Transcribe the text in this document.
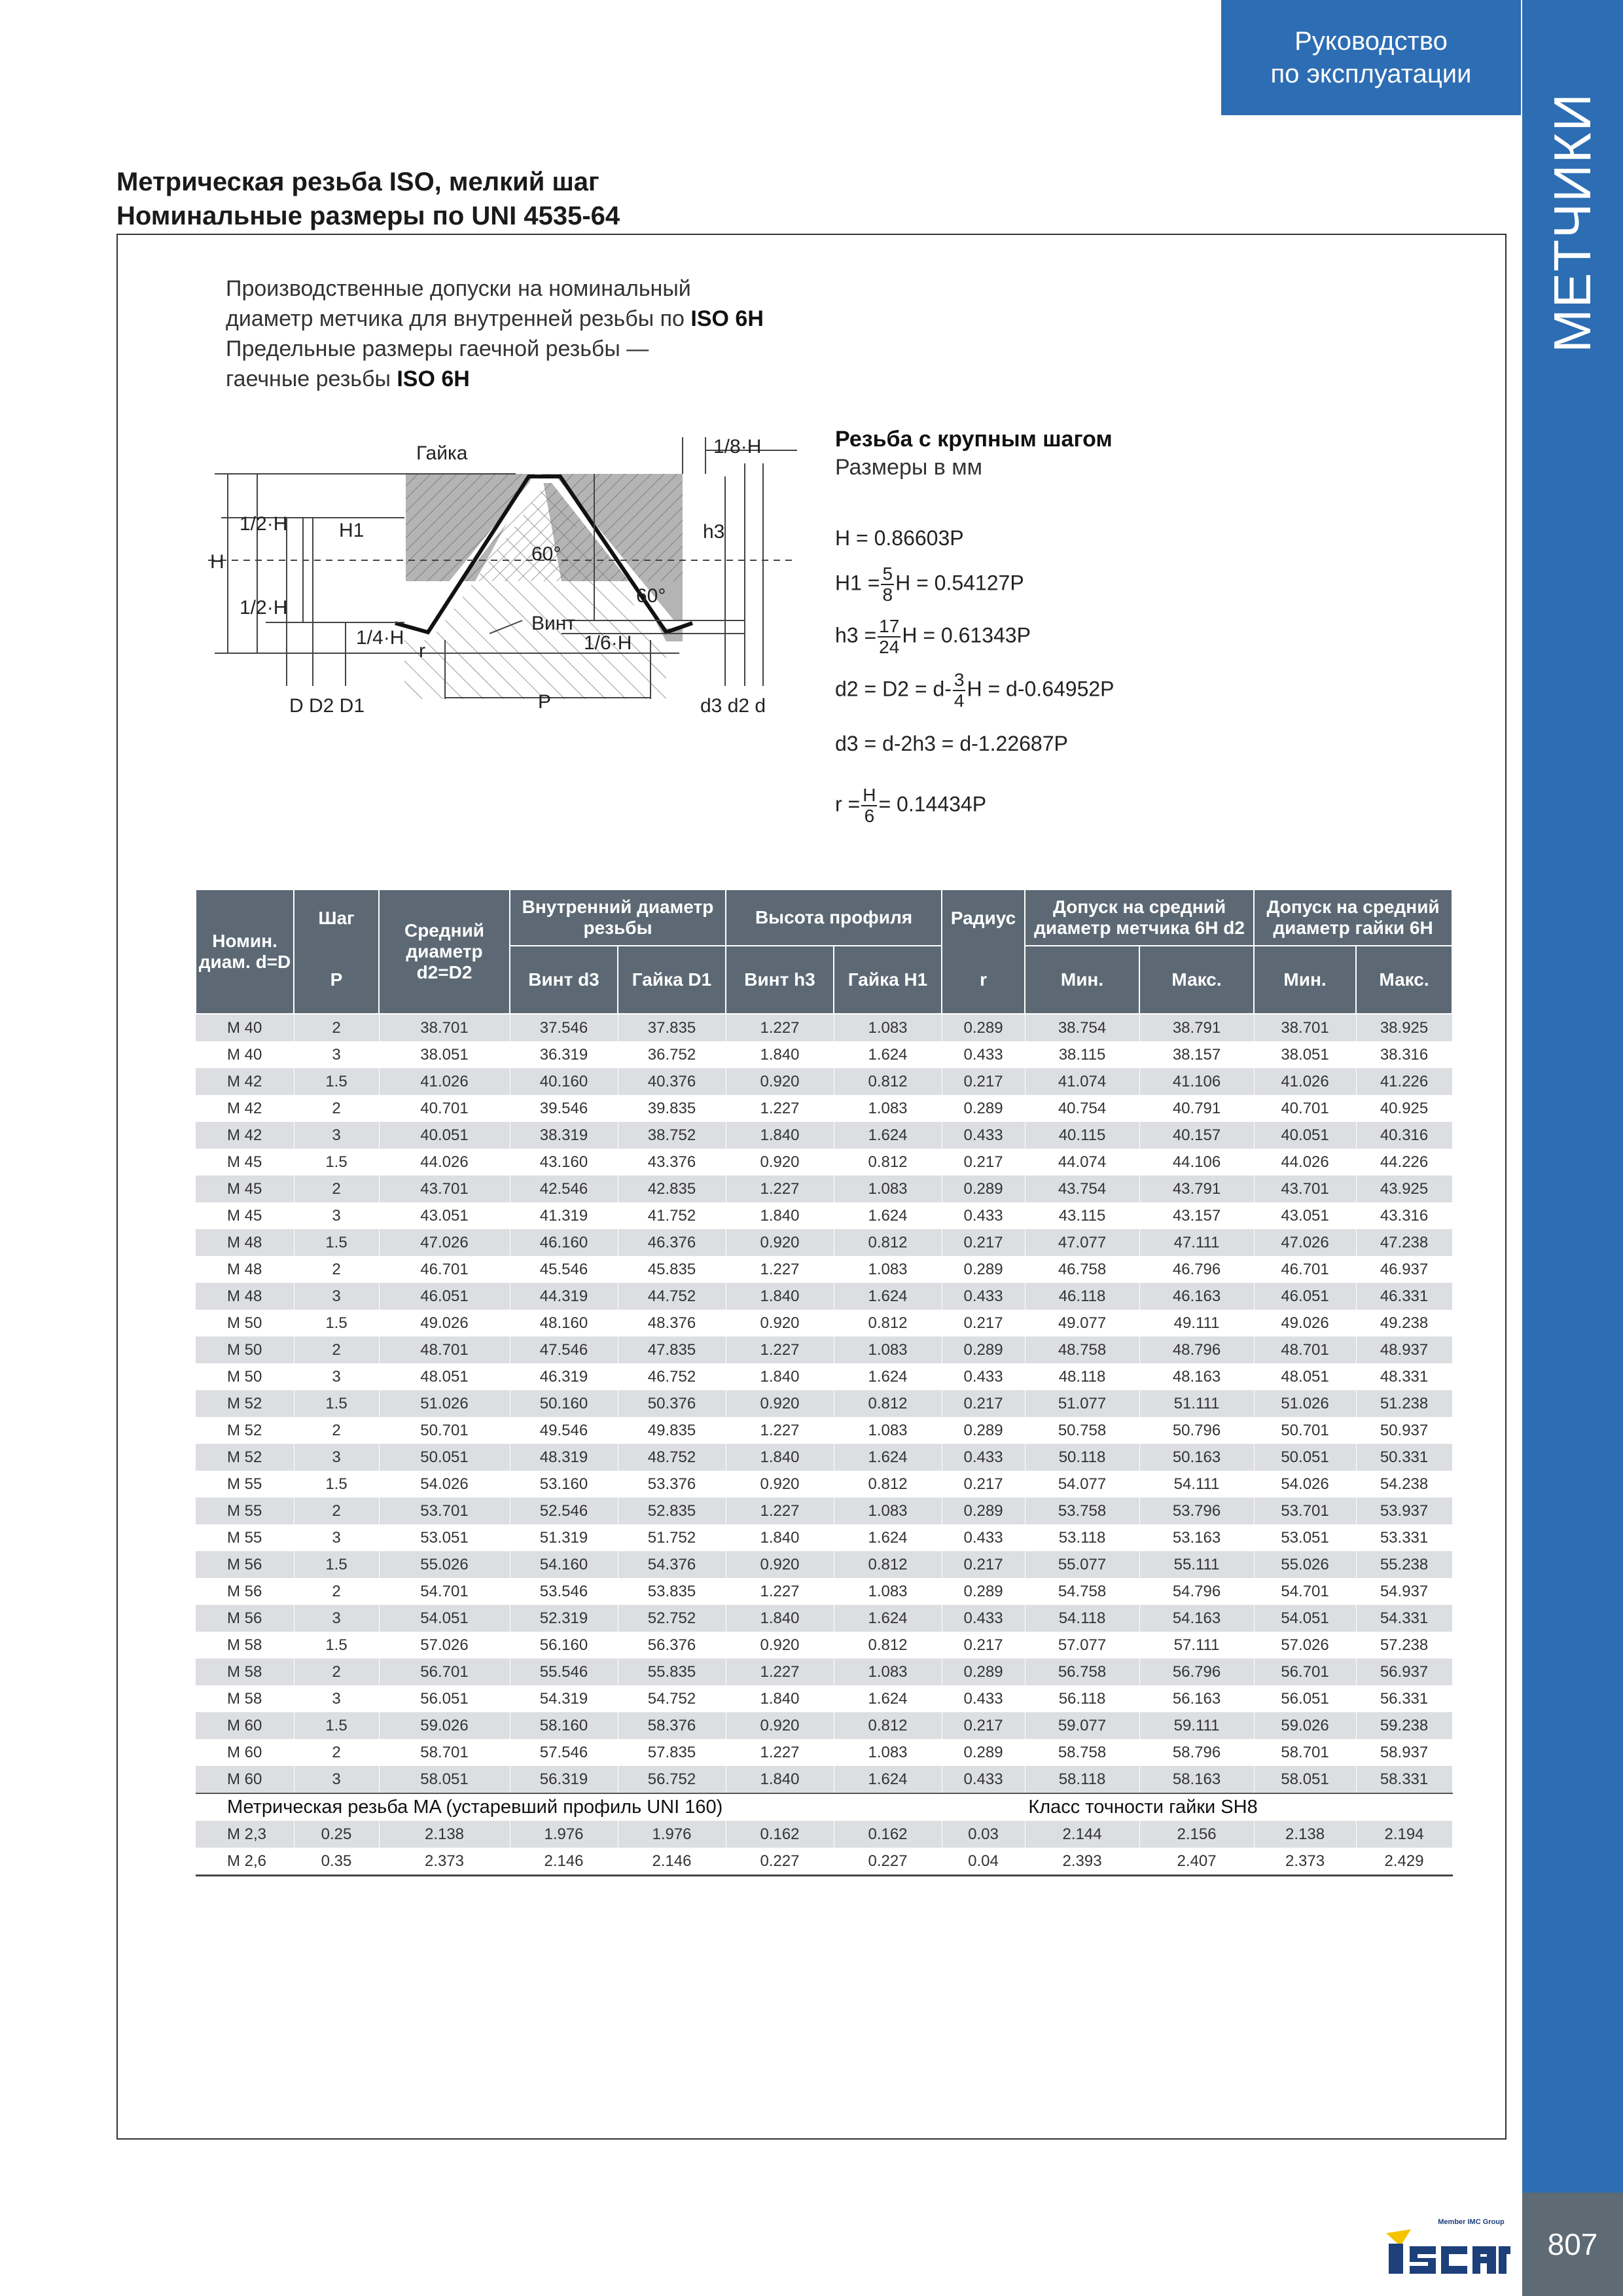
МЕТЧИКИ
807
Руководство
по эксплуатации
Метрическая резьба ISO, мелкий шаг
Номинальные размеры по UNI 4535-64
Производственные допуски на номинальный
диаметр метчика для внутренней резьбы по ISO 6H
Предельные размеры гаечной резьбы —
гаечные резьбы ISO 6H
Гайка	1/8·H
1/2·H
1/2·H
H
H1	h3
60°
60°
Винт
1/4·H	1/6·H
r
P
D D2 D1	d3 d2 d
Резьба с крупным шагом
Размеры в мм
H = 0.86603P
$H1 = \frac{5}{8}$ H = 0.54127P
$h3 = \frac{17}{24}$ H = 0.61343P
$d2 = D2 = d- \frac{3}{4}$ H = d-0.64952P
d3 = d-2h3 = d-1.22687P
$r = \frac{H}{6} = 0.14434P$
Номин. диам. d=D	Шаг	Средний диаметр d2=D2	Внутренний диаметр резьбы		Высота профиля		Радиус	Допуск на средний диаметр метчика 6H d2		Допуск на средний диаметр гайки 6H	
	P		Винт d3	Гайка D1	Винт h3	Гайка H1	r	Мин.	Макс.	Мин.	Макс.
M 40	2	38.701	37.546	37.835	1.227	1.083	0.289	38.754	38.791	38.701	38.925
M 40	3	38.051	36.319	36.752	1.840	1.624	0.433	38.115	38.157	38.051	38.316
M 42	1.5	41.026	40.160	40.376	0.920	0.812	0.217	41.074	41.106	41.026	41.226
M 42	2	40.701	39.546	39.835	1.227	1.083	0.289	40.754	40.791	40.701	40.925
M 42	3	40.051	38.319	38.752	1.840	1.624	0.433	40.115	40.157	40.051	40.316
M 45	1.5	44.026	43.160	43.376	0.920	0.812	0.217	44.074	44.106	44.026	44.226
M 45	2	43.701	42.546	42.835	1.227	1.083	0.289	43.754	43.791	43.701	43.925
M 45	3	43.051	41.319	41.752	1.840	1.624	0.433	43.115	43.157	43.051	43.316
M 48	1.5	47.026	46.160	46.376	0.920	0.812	0.217	47.077	47.111	47.026	47.238
M 48	2	46.701	45.546	45.835	1.227	1.083	0.289	46.758	46.796	46.701	46.937
M 48	3	46.051	44.319	44.752	1.840	1.624	0.433	46.118	46.163	46.051	46.331
M 50	1.5	49.026	48.160	48.376	0.920	0.812	0.217	49.077	49.111	49.026	49.238
M 50	2	48.701	47.546	47.835	1.227	1.083	0.289	48.758	48.796	48.701	48.937
M 50	3	48.051	46.319	46.752	1.840	1.624	0.433	48.118	48.163	48.051	48.331
M 52	1.5	51.026	50.160	50.376	0.920	0.812	0.217	51.077	51.111	51.026	51.238
M 52	2	50.701	49.546	49.835	1.227	1.083	0.289	50.758	50.796	50.701	50.937
M 52	3	50.051	48.319	48.752	1.840	1.624	0.433	50.118	50.163	50.051	50.331
M 55	1.5	54.026	53.160	53.376	0.920	0.812	0.217	54.077	54.111	54.026	54.238
M 55	2	53.701	52.546	52.835	1.227	1.083	0.289	53.758	53.796	53.701	53.937
M 55	3	53.051	51.319	51.752	1.840	1.624	0.433	53.118	53.163	53.051	53.331
M 56	1.5	55.026	54.160	54.376	0.920	0.812	0.217	55.077	55.111	55.026	55.238
M 56	2	54.701	53.546	53.835	1.227	1.083	0.289	54.758	54.796	54.701	54.937
M 56	3	54.051	52.319	52.752	1.840	1.624	0.433	54.118	54.163	54.051	54.331
M 58	1.5	57.026	56.160	56.376	0.920	0.812	0.217	57.077	57.111	57.026	57.238
M 58	2	56.701	55.546	55.835	1.227	1.083	0.289	56.758	56.796	56.701	56.937
M 58	3	56.051	54.319	54.752	1.840	1.624	0.433	56.118	56.163	56.051	56.331
M 60	1.5	59.026	58.160	58.376	0.920	0.812	0.217	59.077	59.111	59.026	59.238
M 60	2	58.701	57.546	57.835	1.227	1.083	0.289	58.758	58.796	58.701	58.937
M 60	3	58.051	56.319	56.752	1.840	1.624	0.433	58.118	58.163	58.051	58.331
Метрическая резьба MA (устаревший профиль UNI 160)						Класс точности гайки SH8					
M 2,3	0.25	2.138	1.976	1.976	0.162	0.162	0.03	2.144	2.156	2.138	2.194
M 2,6	0.35	2.373	2.146	2.146	0.227	0.227	0.04	2.393	2.407	2.373	2.429
Member IMC Group
